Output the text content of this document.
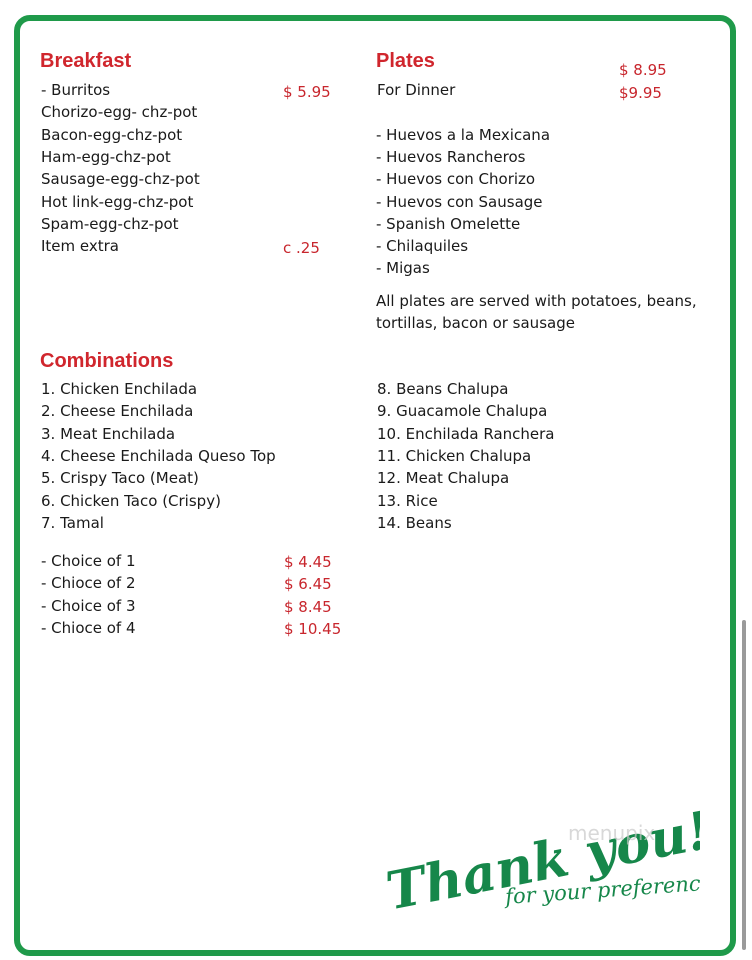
Breakfast
- Burritos
Chorizo-egg- chz-pot
Bacon-egg-chz-pot
Ham-egg-chz-pot
Sausage-egg-chz-pot
Hot link-egg-chz-pot
Spam-egg-chz-pot
Item extra
$ 5.95
c .25
Plates	$ 8.95
For Dinner	$9.95
- Huevos a la Mexicana
- Huevos Rancheros
- Huevos con Chorizo
- Huevos con Sausage
- Spanish Omelette
- Chilaquiles
- Migas
All plates are served with potatoes, beans, tortillas, bacon or sausage
Combinations
1. Chicken Enchilada
2. Cheese Enchilada
3. Meat Enchilada
4. Cheese Enchilada Queso Top
5. Crispy Taco (Meat)
6. Chicken Taco (Crispy)
7. Tamal
8. Beans Chalupa
9. Guacamole Chalupa
10. Enchilada Ranchera
11. Chicken Chalupa
12. Meat Chalupa
13. Rice
14. Beans
- Choice of 1
- Chioce of 2
- Choice of 3
- Chioce of 4
$ 4.45
$ 6.45
$ 8.45
$ 10.45
Thank you!!
menupix
for your preference
